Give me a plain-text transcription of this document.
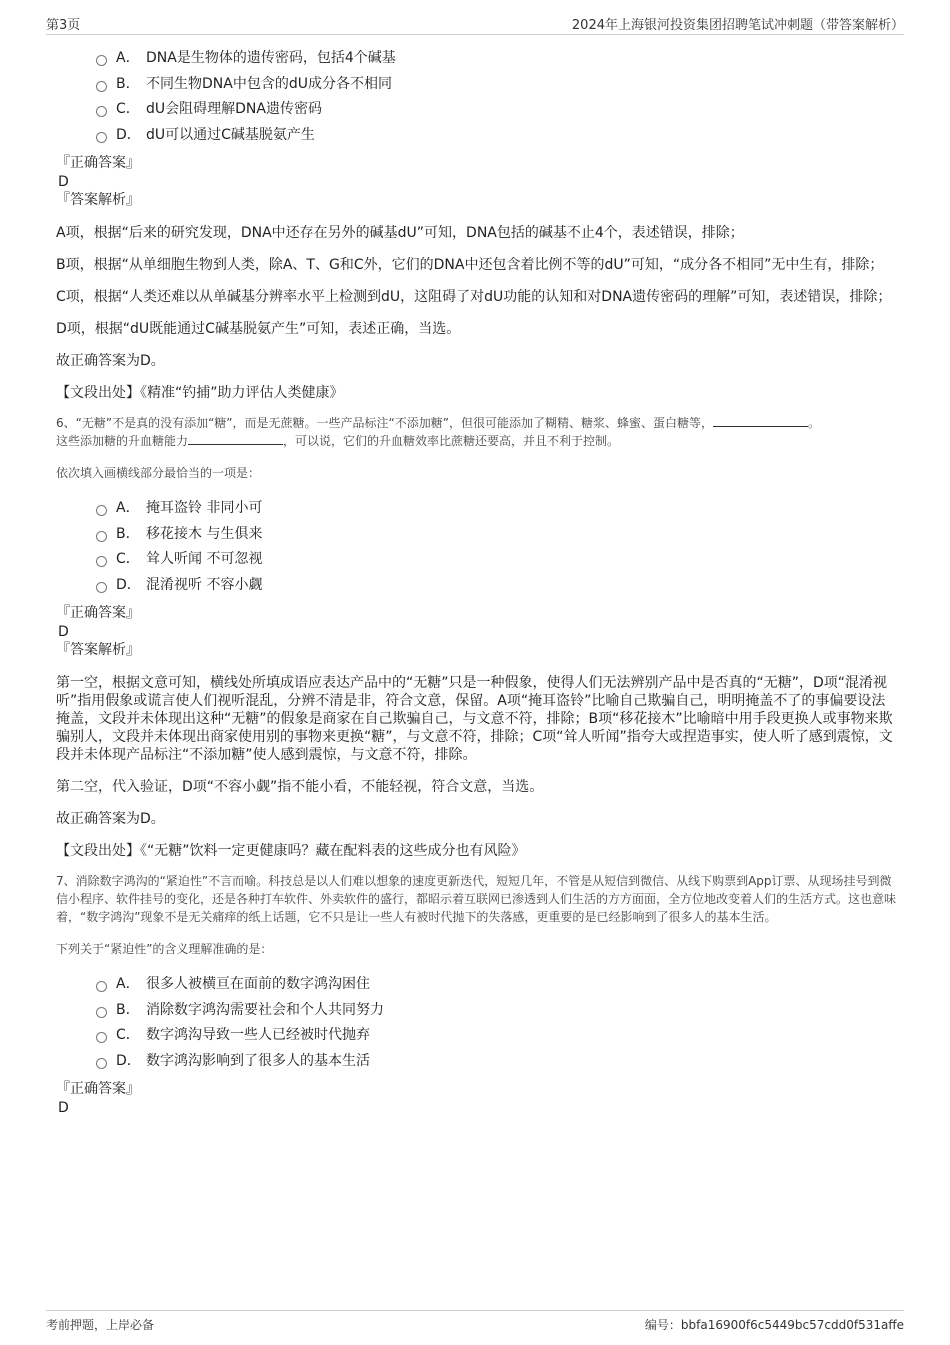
第3页	2024年上海银河投资集团招聘笔试冲刺题（带答案解析）
A． DNA是生物体的遗传密码，包括4个碱基
B． 不同生物DNA中包含的dU成分各不相同
C． dU会阻碍理解DNA遗传密码
D． dU可以通过C碱基脱氨产生
『正确答案』
D
『答案解析』

A项，根据“后来的研究发现，DNA中还存在另外的碱基dU”可知，DNA包括的碱基不止4个，表述错误，排除；

B项，根据“从单细胞生物到人类，除A、T、G和C外，它们的DNA中还包含着比例不等的dU”可知，“成分各不相同”无中生有，排除；

C项，根据“人类还难以从单碱基分辨率水平上检测到dU，这阻碍了对dU功能的认知和对DNA遗传密码的理解”可知，表述错误，排除；

D项，根据“dU既能通过C碱基脱氨产生”可知，表述正确，当选。

故正确答案为D。

【文段出处】《精准“钓捕”助力评估人类健康》

6、“无糖”不是真的没有添加“糖”，而是无蔗糖。一些产品标注“不添加糖”，但很可能添加了糊精、糖浆、蜂蜜、蛋白糖等，	。
这些添加糖的升血糖能力	，可以说，它们的升血糖效率比蔗糖还要高，并且不利于控制。

依次填入画横线部分最恰当的一项是：

A． 掩耳盗铃 非同小可
B． 移花接木 与生俱来
C． 耸人听闻 不可忽视
D． 混淆视听 不容小觑
『正确答案』
D
『答案解析』

第一空，根据文意可知，横线处所填成语应表达产品中的“无糖”只是一种假象，使得人们无法辨别产品中是否真的“无糖”，D项“混淆视听”指用假象或谎言使人们视听混乱，分辨不清是非，符合文意，保留。A项“掩耳盗铃”比喻自己欺骗自己，明明掩盖不了的事偏要设法掩盖，文段并未体现出这种“无糖”的假象是商家在自己欺骗自己，与文意不符，排除；B项“移花接木”比喻暗中用手段更换人或事物来欺骗别人，文段并未体现出商家使用别的事物来更换“糖”，与文意不符，排除；C项“耸人听闻”指夸大或捏造事实，使人听了感到震惊，文段并未体现产品标注“不添加糖”使人感到震惊，与文意不符，排除。

第二空，代入验证，D项“不容小觑”指不能小看，不能轻视，符合文意，当选。

故正确答案为D。

【文段出处】《“无糖”饮料一定更健康吗？藏在配料表的这些成分也有风险》

7、消除数字鸿沟的“紧迫性”不言而喻。科技总是以人们难以想象的速度更新迭代，短短几年，不管是从短信到微信、从线下购票到App订票、从现场挂号到微信小程序、软件挂号的变化，还是各种打车软件、外卖软件的盛行，都昭示着互联网已渗透到人们生活的方方面面，全方位地改变着人们的生活方式。这也意味着，“数字鸿沟”现象不是无关痛痒的纸上话题，它不只是让一些人有被时代抛下的失落感，更重要的是已经影响到了很多人的基本生活。

下列关于“紧迫性”的含义理解准确的是：

A． 很多人被横亘在面前的数字鸿沟困住
B． 消除数字鸿沟需要社会和个人共同努力
C． 数字鸿沟导致一些人已经被时代抛弃
D． 数字鸿沟影响到了很多人的基本生活
『正确答案』
D
考前押题，上岸必备	编号：bbfa16900f6c5449bc57cdd0f531affe
